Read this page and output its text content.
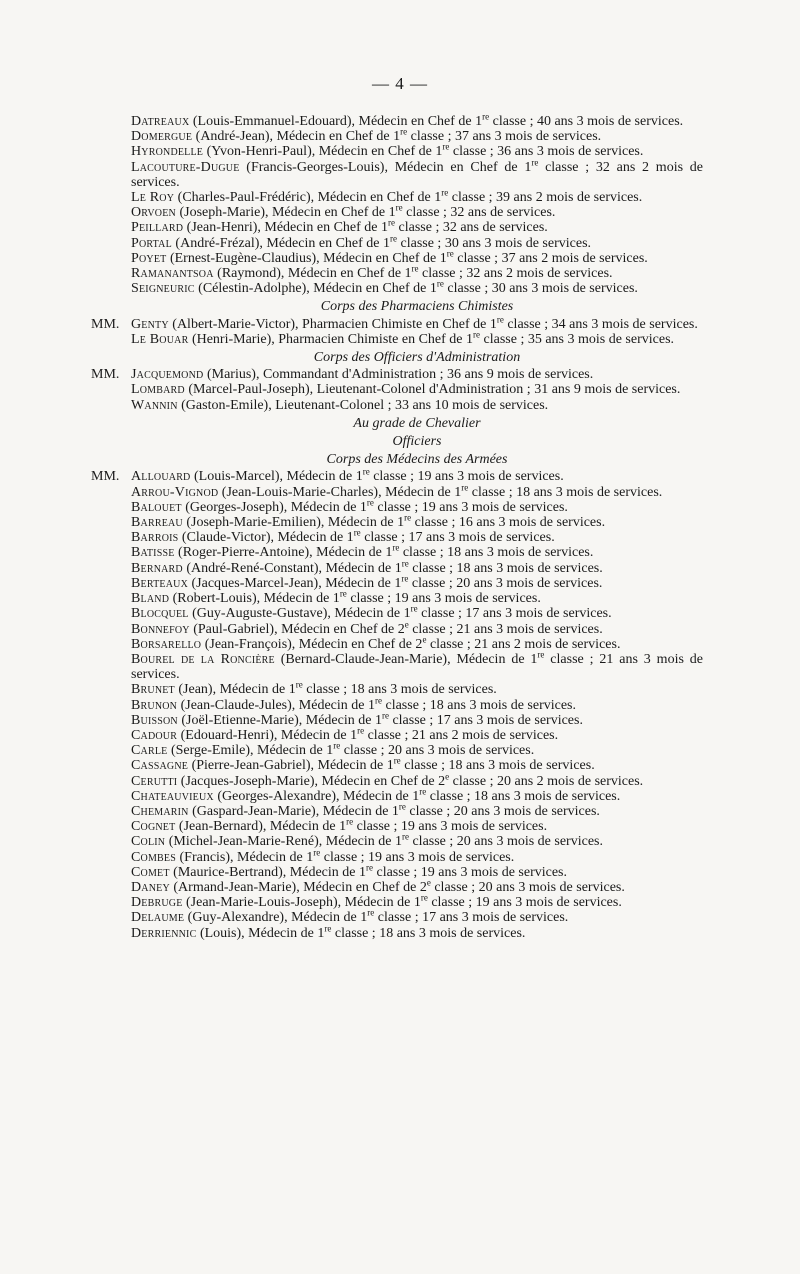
— 4 —

Datreaux (Louis-Emmanuel-Edouard), Médecin en Chef de 1re classe ; 40 ans 3 mois de services.

Domergue (André-Jean), Médecin en Chef de 1re classe ; 37 ans 3 mois de services.

Hyrondelle (Yvon-Henri-Paul), Médecin en Chef de 1re classe ; 36 ans 3 mois de services.

Lacouture-Dugue (Francis-Georges-Louis), Médecin en Chef de 1re classe ; 32 ans 2 mois de services.

Le Roy (Charles-Paul-Frédéric), Médecin en Chef de 1re classe ; 39 ans 2 mois de services.

Orvoen (Joseph-Marie), Médecin en Chef de 1re classe ; 32 ans de services.

Peillard (Jean-Henri), Médecin en Chef de 1re classe ; 32 ans de services.

Portal (André-Frézal), Médecin en Chef de 1re classe ; 30 ans 3 mois de services.

Poyet (Ernest-Eugène-Claudius), Médecin en Chef de 1re classe ; 37 ans 2 mois de services.

Ramanantsoa (Raymond), Médecin en Chef de 1re classe ; 32 ans 2 mois de services.

Seigneuric (Célestin-Adolphe), Médecin en Chef de 1re classe ; 30 ans 3 mois de services.

Corps des Pharmaciens Chimistes
MM. Genty (Albert-Marie-Victor), Pharmacien Chimiste en Chef de 1re classe ; 34 ans 3 mois de services.

Le Bouar (Henri-Marie), Pharmacien Chimiste en Chef de 1re classe ; 35 ans 3 mois de services.

Corps des Officiers d'Administration
MM. Jacquemond (Marius), Commandant d'Administration ; 36 ans 9 mois de services.

Lombard (Marcel-Paul-Joseph), Lieutenant-Colonel d'Administration ; 31 ans 9 mois de services.

Wannin (Gaston-Emile), Lieutenant-Colonel ; 33 ans 10 mois de services.

Au grade de Chevalier
Officiers
Corps des Médecins des Armées
MM. Allouard (Louis-Marcel), Médecin de 1re classe ; 19 ans 3 mois de services.

Arrou-Vignod (Jean-Louis-Marie-Charles), Médecin de 1re classe ; 18 ans 3 mois de services.

Balouet (Georges-Joseph), Médecin de 1re classe ; 19 ans 3 mois de services.

Barreau (Joseph-Marie-Emilien), Médecin de 1re classe ; 16 ans 3 mois de services.

Barrois (Claude-Victor), Médecin de 1re classe ; 17 ans 3 mois de services.

Batisse (Roger-Pierre-Antoine), Médecin de 1re classe ; 18 ans 3 mois de services.

Bernard (André-René-Constant), Médecin de 1re classe ; 18 ans 3 mois de services.

Berteaux (Jacques-Marcel-Jean), Médecin de 1re classe ; 20 ans 3 mois de services.

Bland (Robert-Louis), Médecin de 1re classe ; 19 ans 3 mois de services.

Blocquel (Guy-Auguste-Gustave), Médecin de 1re classe ; 17 ans 3 mois de services.

Bonnefoy (Paul-Gabriel), Médecin en Chef de 2e classe ; 21 ans 3 mois de services.

Borsarello (Jean-François), Médecin en Chef de 2e classe ; 21 ans 2 mois de services.

Bourel de la Roncière (Bernard-Claude-Jean-Marie), Médecin de 1re classe ; 21 ans 3 mois de services.

Brunet (Jean), Médecin de 1re classe ; 18 ans 3 mois de services.

Brunon (Jean-Claude-Jules), Médecin de 1re classe ; 18 ans 3 mois de services.

Buisson (Joël-Etienne-Marie), Médecin de 1re classe ; 17 ans 3 mois de services.

Cadour (Edouard-Henri), Médecin de 1re classe ; 21 ans 2 mois de services.

Carle (Serge-Emile), Médecin de 1re classe ; 20 ans 3 mois de services.

Cassagne (Pierre-Jean-Gabriel), Médecin de 1re classe ; 18 ans 3 mois de services.

Cerutti (Jacques-Joseph-Marie), Médecin en Chef de 2e classe ; 20 ans 2 mois de services.

Chateauvieux (Georges-Alexandre), Médecin de 1re classe ; 18 ans 3 mois de services.

Chemarin (Gaspard-Jean-Marie), Médecin de 1re classe ; 20 ans 3 mois de services.

Cognet (Jean-Bernard), Médecin de 1re classe ; 19 ans 3 mois de services.

Colin (Michel-Jean-Marie-René), Médecin de 1re classe ; 20 ans 3 mois de services.

Combes (Francis), Médecin de 1re classe ; 19 ans 3 mois de services.

Comet (Maurice-Bertrand), Médecin de 1re classe ; 19 ans 3 mois de services.

Daney (Armand-Jean-Marie), Médecin en Chef de 2e classe ; 20 ans 3 mois de services.

Debruge (Jean-Marie-Louis-Joseph), Médecin de 1re classe ; 19 ans 3 mois de services.

Delaume (Guy-Alexandre), Médecin de 1re classe ; 17 ans 3 mois de services.

Derriennic (Louis), Médecin de 1re classe ; 18 ans 3 mois de services.
